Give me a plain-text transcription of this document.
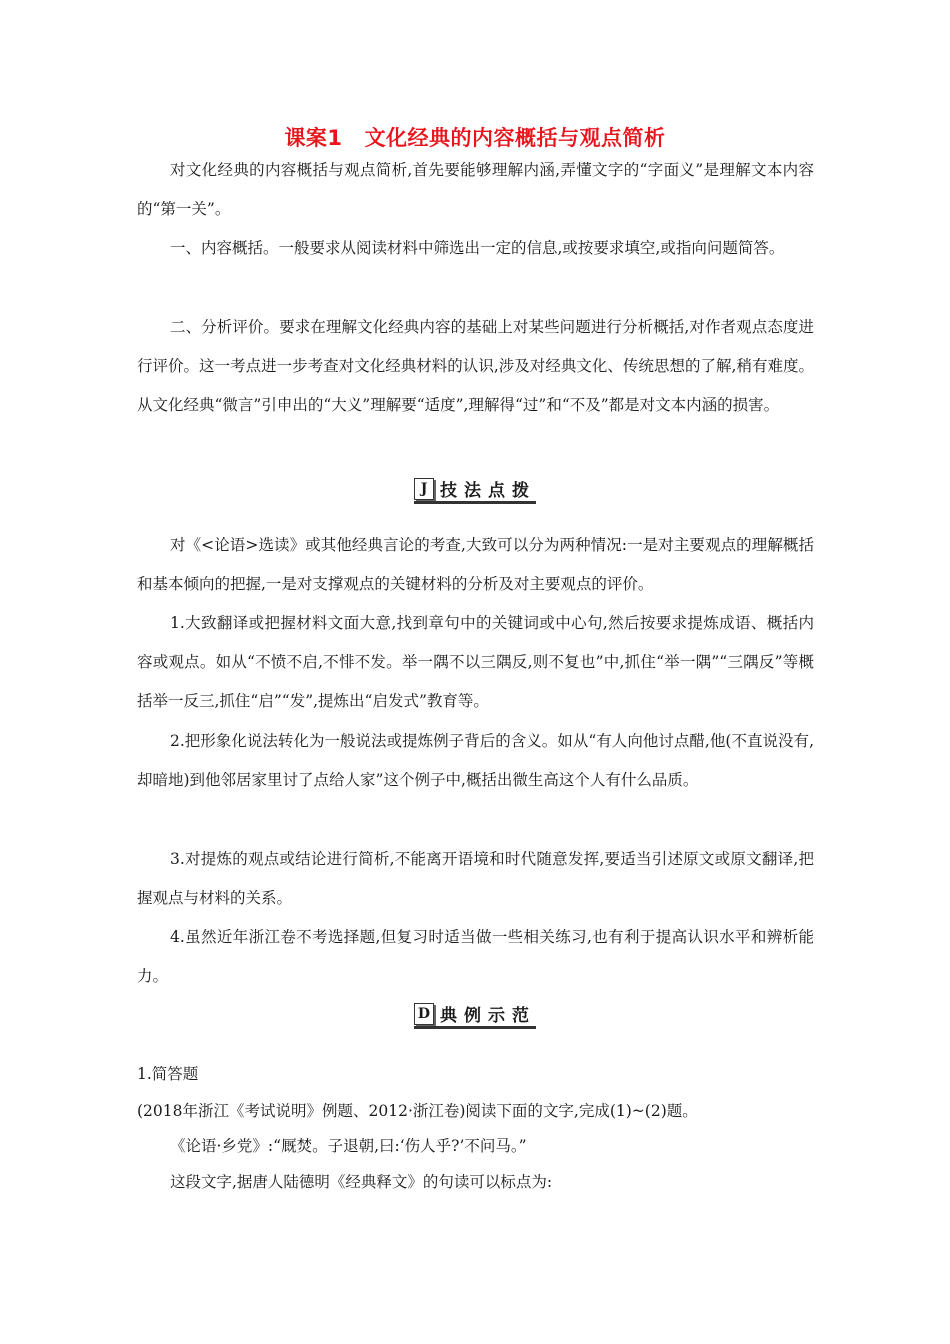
课案1 文化经典的内容概括与观点简析

对文化经典的内容概括与观点简析,首先要能够理解内涵,弄懂文字的“字面义”是理解文本内容的“第一关”。

一、内容概括。一般要求从阅读材料中筛选出一定的信息,或按要求填空,或指向问题简答。

二、分析评价。要求在理解文化经典内容的基础上对某些问题进行分析概括,对作者观点态度进行评价。这一考点进一步考查对文化经典材料的认识,涉及对经典文化、传统思想的了解,稍有难度。从文化经典“微言”引申出的“大义”理解要“适度”,理解得“过”和“不及”都是对文本内涵的损害。

J 技法点拨

对《<论语>选读》或其他经典言论的考查,大致可以分为两种情况:一是对主要观点的理解概括和基本倾向的把握,一是对支撑观点的关键材料的分析及对主要观点的评价。

1.大致翻译或把握材料文面大意,找到章句中的关键词或中心句,然后按要求提炼成语、概括内容或观点。如从“不愤不启,不悱不发。举一隅不以三隅反,则不复也”中,抓住“举一隅”“三隅反”等概括举一反三,抓住“启”“发”,提炼出“启发式”教育等。

2.把形象化说法转化为一般说法或提炼例子背后的含义。如从“有人向他讨点醋,他(不直说没有,却暗地)到他邻居家里讨了点给人家”这个例子中,概括出微生高这个人有什么品质。

3.对提炼的观点或结论进行简析,不能离开语境和时代随意发挥,要适当引述原文或原文翻译,把握观点与材料的关系。

4.虽然近年浙江卷不考选择题,但复习时适当做一些相关练习,也有利于提高认识水平和辨析能力。

D 典例示范

1.简答题

(2018年浙江《考试说明》例题、2012·浙江卷)阅读下面的文字,完成(1)~(2)题。

《论语·乡党》:“厩焚。子退朝,曰:‘伤人乎?’不问马。”

这段文字,据唐人陆德明《经典释文》的句读可以标点为:
